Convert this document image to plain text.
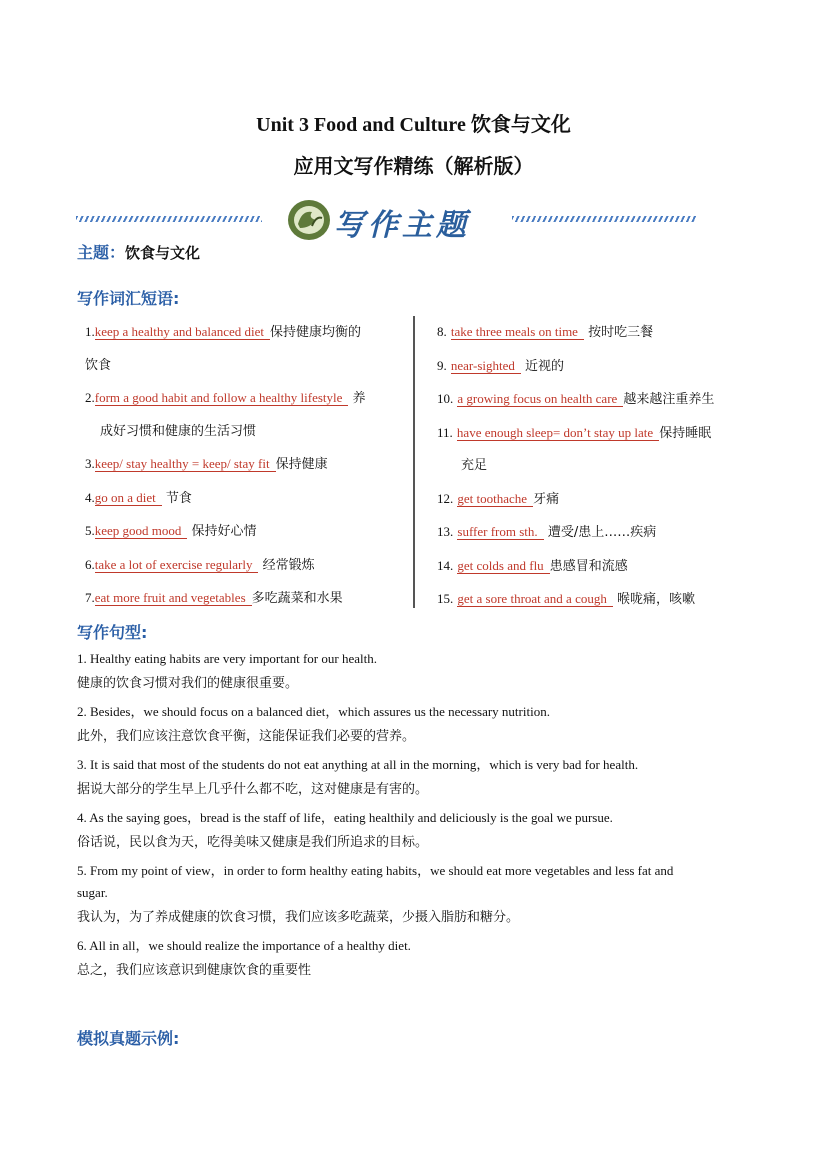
Unit 3 Food and Culture 饮食与文化
应用文写作精练（解析版）
写作主题
主题：饮食与文化
写作词汇短语:
1.keep a healthy and balanced diet 保持健康均衡的
饮食
2.form a good habit and follow a healthy lifestyle 养
成好习惯和健康的生活习惯
3.keep/ stay healthy = keep/ stay fit 保持健康
4.go on a diet 节食
5.keep good mood 保持好心情
6.take a lot of exercise regularly 经常锻炼
7.eat more fruit and vegetables 多吃蔬菜和水果
8. take three meals on time 按时吃三餐
9. near-sighted 近视的
10. a growing focus on health care 越来越注重养生
11. have enough sleep= don’t stay up late 保持睡眠
充足
12. get toothache 牙痛
13. suffer from sth. 遭受/患上……疾病
14. get colds and flu 患感冒和流感
15. get a sore throat and a cough 喉咙痛，咳嗽
写作句型:
1. Healthy eating habits are very important for our health.
健康的饮食习惯对我们的健康很重要。
2. Besides，we should focus on a balanced diet，which assures us the necessary nutrition.
此外，我们应该注意饮食平衡，这能保证我们必要的营养。
3. It is said that most of the students do not eat anything at all in the morning，which is very bad for health.
据说大部分的学生早上几乎什么都不吃，这对健康是有害的。
4. As the saying goes，bread is the staff of life，eating healthily and deliciously is the goal we pursue.
俗话说，民以食为天，吃得美味又健康是我们所追求的目标。
5. From my point of view，in order to form healthy eating habits，we should eat more vegetables and less fat and
sugar.
我认为，为了养成健康的饮食习惯，我们应该多吃蔬菜，少摄入脂肪和糖分。
6. All in all，we should realize the importance of a healthy diet.
总之，我们应该意识到健康饮食的重要性
模拟真题示例:
